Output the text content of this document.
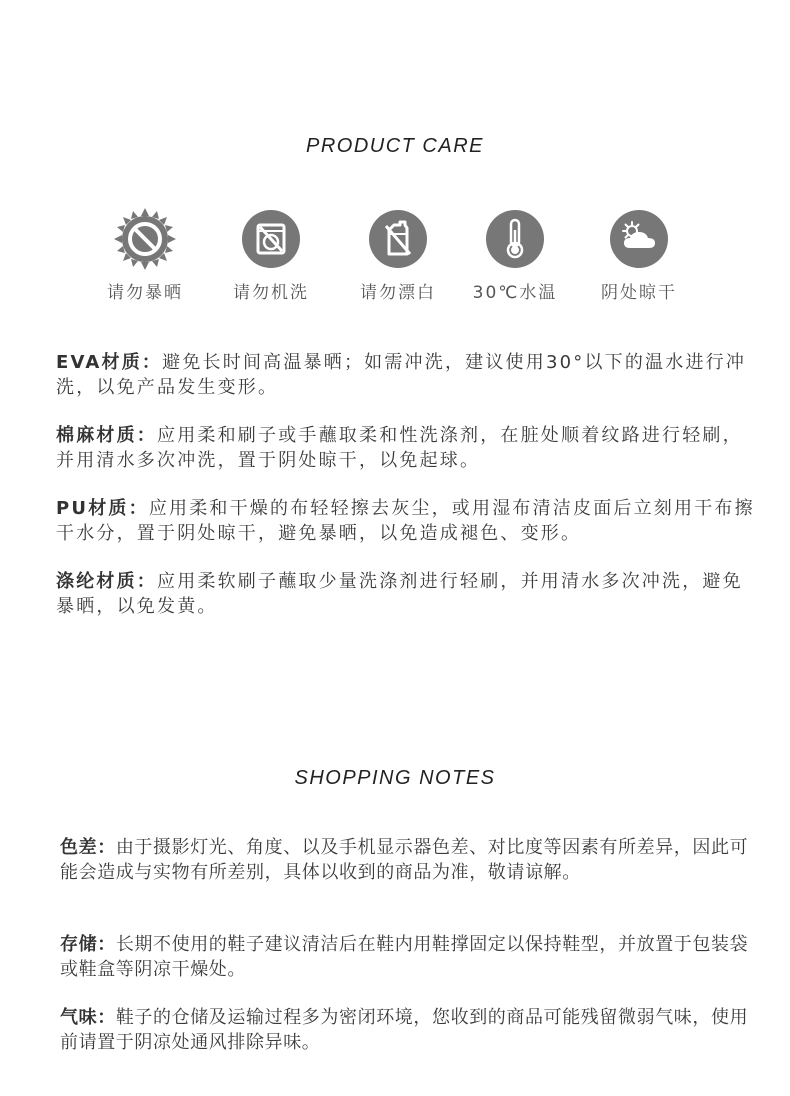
PRODUCT CARE
请勿暴晒	请勿机洗	请勿漂白	30℃水温	阴处晾干

EVA材质：避免长时间高温暴晒；如需冲洗，建议使用30°以下的温水进行冲洗，以免产品发生变形。

棉麻材质：应用柔和刷子或手蘸取柔和性洗涤剂，在脏处顺着纹路进行轻刷，并用清水多次冲洗，置于阴处晾干，以免起球。

PU材质：应用柔和干燥的布轻轻擦去灰尘，或用湿布清洁皮面后立刻用干布擦干水分，置于阴处晾干，避免暴晒，以免造成褪色、变形。

涤纶材质：应用柔软刷子蘸取少量洗涤剂进行轻刷，并用清水多次冲洗，避免暴晒，以免发黄。

SHOPPING NOTES

色差：由于摄影灯光、角度、以及手机显示器色差、对比度等因素有所差异，因此可能会造成与实物有所差别，具体以收到的商品为准，敬请谅解。

存储：长期不使用的鞋子建议清洁后在鞋内用鞋撑固定以保持鞋型，并放置于包装袋或鞋盒等阴凉干燥处。

气味：鞋子的仓储及运输过程多为密闭环境，您收到的商品可能残留微弱气味，使用前请置于阴凉处通风排除异味。
